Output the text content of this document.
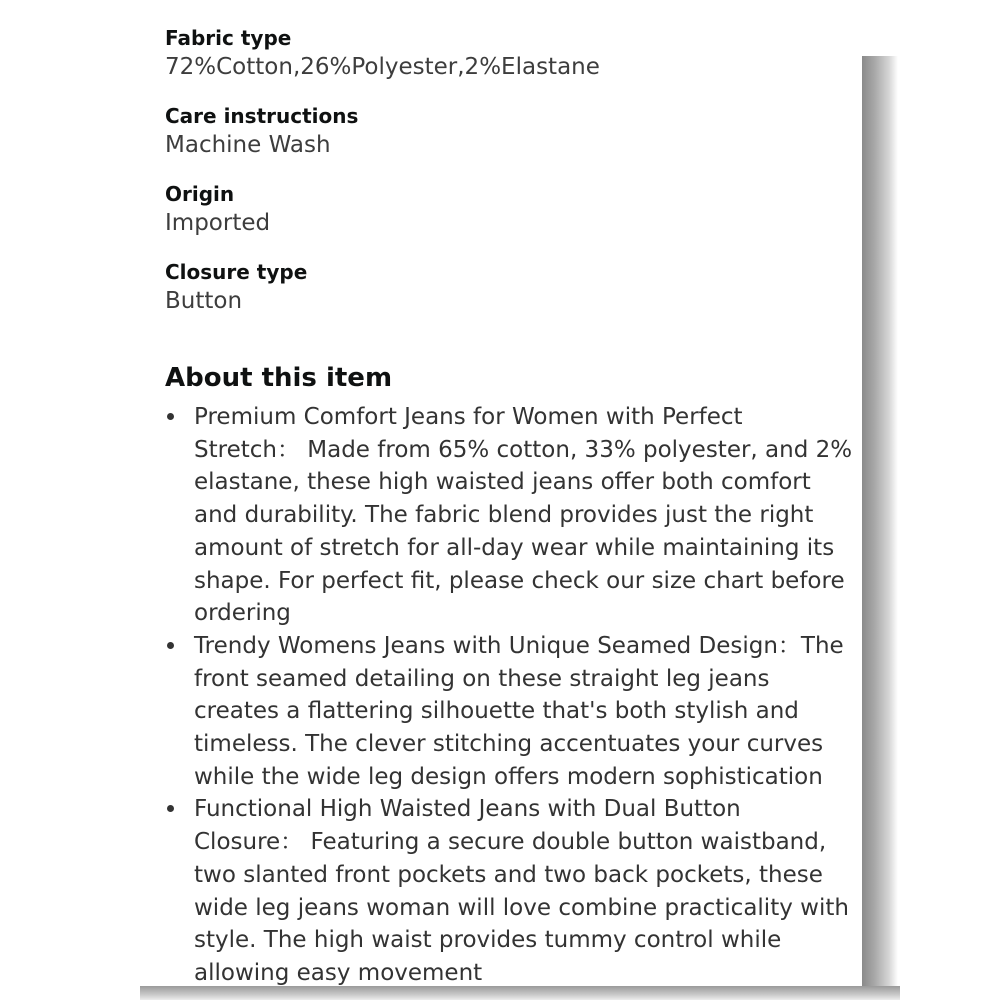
Fabric type
72%Cotton,26%Polyester,2%Elastane
Care instructions
Machine Wash
Origin
Imported
Closure type
Button
About this item
Premium Comfort Jeans for Women with Perfect Stretch： Made from 65% cotton, 33% polyester, and 2% elastane, these high waisted jeans offer both comfort and durability. The fabric blend provides just the right amount of stretch for all-day wear while maintaining its shape. For perfect fit, please check our size chart before ordering
Trendy Womens Jeans with Unique Seamed Design：The front seamed detailing on these straight leg jeans creates a flattering silhouette that's both stylish and timeless. The clever stitching accentuates your curves while the wide leg design offers modern sophistication
Functional High Waisted Jeans with Dual Button Closure： Featuring a secure double button waistband, two slanted front pockets and two back pockets, these wide leg jeans woman will love combine practicality with style. The high waist provides tummy control while allowing easy movement
